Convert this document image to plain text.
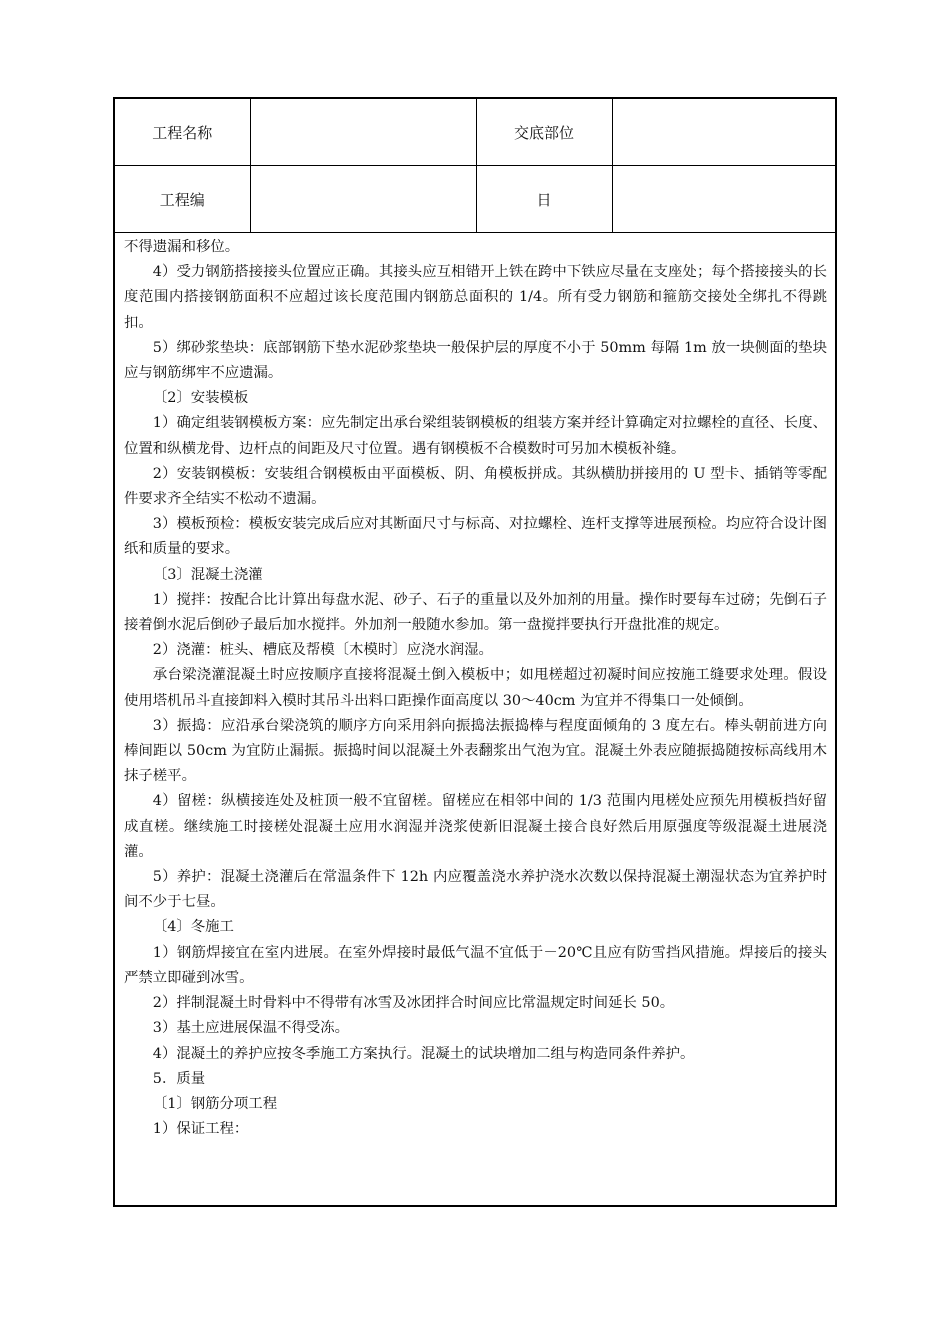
工程名称		交底部位	
工程编		日	

不得遗漏和移位。

4）受力钢筋搭接接头位置应正确。其接头应互相错开上铁在跨中下铁应尽量在支座处；每个搭接接头的长度范围内搭接钢筋面积不应超过该长度范围内钢筋总面积的 1/4。所有受力钢筋和箍筋交接处全绑扎不得跳扣。

5）绑砂浆垫块：底部钢筋下垫水泥砂浆垫块一般保护层的厚度不小于 50mm 每隔 1m 放一块侧面的垫块应与钢筋绑牢不应遗漏。

〔2〕安装模板

1）确定组装钢模板方案：应先制定出承台梁组装钢模板的组装方案并经计算确定对拉螺栓的直径、长度、位置和纵横龙骨、边杆点的间距及尺寸位置。遇有钢模板不合模数时可另加木模板补缝。

2）安装钢模板：安装组合钢模板由平面模板、阴、角模板拼成。其纵横肋拼接用的 U 型卡、插销等零配件要求齐全结实不松动不遗漏。

3）模板预检：模板安装完成后应对其断面尺寸与标高、对拉螺栓、连杆支撑等进展预检。均应符合设计图纸和质量的要求。

〔3〕混凝土浇灌

1）搅拌：按配合比计算出每盘水泥、砂子、石子的重量以及外加剂的用量。操作时要每车过磅；先倒石子接着倒水泥后倒砂子最后加水搅拌。外加剂一般随水参加。第一盘搅拌要执行开盘批准的规定。

2）浇灌：桩头、槽底及帮模〔木模时〕应浇水润湿。

承台梁浇灌混凝土时应按顺序直接将混凝土倒入模板中；如甩槎超过初凝时间应按施工缝要求处理。假设使用塔机吊斗直接卸料入模时其吊斗出料口距操作面高度以 30～40cm 为宜并不得集口一处倾倒。

3）振捣：应沿承台梁浇筑的顺序方向采用斜向振捣法振捣棒与程度面倾角的 3 度左右。棒头朝前进方向棒间距以 50cm 为宜防止漏振。振捣时间以混凝土外表翻浆出气泡为宜。混凝土外表应随振捣随按标高线用木抹子槎平。

4）留槎：纵横接连处及桩顶一般不宜留槎。留槎应在相邻中间的 1/3 范围内甩槎处应预先用模板挡好留成直槎。继续施工时接槎处混凝土应用水润湿并浇浆使新旧混凝土接合良好然后用原强度等级混凝土进展浇灌。

5）养护：混凝土浇灌后在常温条件下 12h 内应覆盖浇水养护浇水次数以保持混凝土潮湿状态为宜养护时间不少于七昼。

〔4〕冬施工

1）钢筋焊接宜在室内进展。在室外焊接时最低气温不宜低于－20℃且应有防雪挡风措施。焊接后的接头严禁立即碰到冰雪。

2）拌制混凝土时骨料中不得带有冰雪及冰团拌合时间应比常温规定时间延长 50。

3）基土应进展保温不得受冻。

4）混凝土的养护应按冬季施工方案执行。混凝土的试块增加二组与构造同条件养护。

5．质量

〔1〕钢筋分项工程

1）保证工程：
